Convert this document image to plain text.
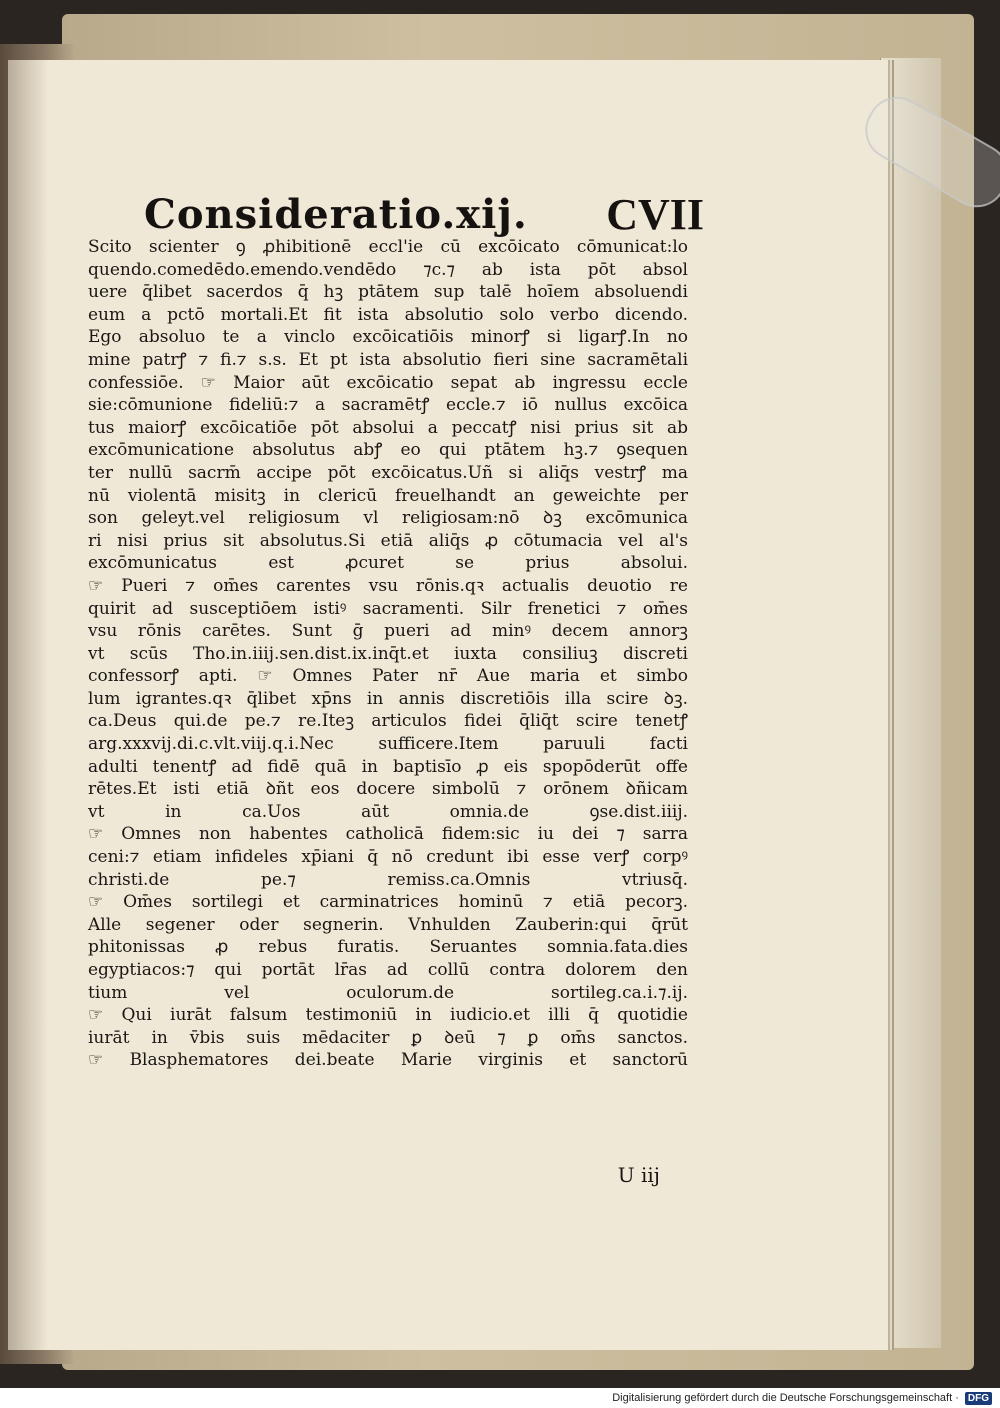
Consideratio.xij. CVII
Scito scienter ꝯ ꝓhibitionē eccl'ie cū excōicato cōmunicat:lo
quendo.comedēdo.emendo.vendēdo ⁊c.⁊ ab ista pōt absol
uere q̄libet sacerdos q̄ hꝫ ptātem sup talē hoīem absoluendi
eum a pctō mortali.Et fit ista absolutio solo verbo dicendo.
Ego absoluo te a vinclo excōicatiōis minorꝭ si ligarꝭ.In no
mine patrꝭ ⁊ fi.⁊ s.s. Et pt ista absolutio fieri sine sacramētali
confessiōe. ☞ Maior aūt excōicatio sepat ab ingressu eccle
sie:cōmunione fideliū:⁊ a sacramētꝭ eccle.⁊ iō nullus excōica
tus maiorꝭ excōicatiōe pōt absolui a peccatꝭ nisi prius sit ab
excōmunicatione absolutus abꝭ eo qui ptātem hꝫ.⁊ ꝯsequen
ter nullū sacrm̄ accipe pōt excōicatus.Uñ si aliq̄s vestrꝭ ma
nū violentā misitꝫ in clericū freuelhandt an geweichte per
son geleyt.vel religiosum vl religiosam:nō ꝺꝫ excōmunica
ri nisi prius sit absolutus.Si etiā aliq̄s ꝓ cōtumacia vel al's
excōmunicatus est ꝓcuret se prius absolui.
☞ Pueri ⁊ om̄es carentes vsu rōnis.qꝛ actualis deuotio re
quirit ad susceptiōem istiꝰ sacramenti. Silr frenetici ⁊ om̄es
vsu rōnis carētes. Sunt ḡ pueri ad minꝰ decem annorꝫ
vt scūs Tho.in.iiij.sen.dist.ix.inq̄t.et iuxta consiliuꝫ discreti
confessorꝭ apti. ☞ Omnes Pater nr̄ Aue maria et simbo
lum igrantes.qꝛ q̄libet xp̄ns in annis discretiōis illa scire ꝺꝫ.
ca.Deus qui.de pe.⁊ re.Iteꝫ articulos fidei q̄liq̄t scire tenetꝭ
arg.xxxvij.di.c.vlt.viij.q.i.Nec sufficere.Item paruuli facti
adulti tenentꝭ ad fidē quā in baptisīo ꝓ eis spopōderūt offe
rētes.Et isti etiā ꝺñt eos docere simbolū ⁊ orōnem ꝺñicam
vt in ca.Uos aūt omnia.de ꝯse.dist.iiij.
☞ Omnes non habentes catholicā fidem:sic iu dei ⁊ sarra
ceni:⁊ etiam infideles xp̄iani q̄ nō credunt ibi esse verꝭ corpꝰ
christi.de pe.⁊ remiss.ca.Omnis vtriusq̄.
☞ Om̄es sortilegi et carminatrices hominū ⁊ etiā pecorꝫ.
Alle segener oder segnerin. Vnhulden Zauberin:qui q̄rūt
phitonissas ꝓ rebus furatis. Seruantes somnia.fata.dies
egyptiacos:⁊ qui portāt lr̄as ad collū contra dolorem den
tium vel oculorum.de sortileg.ca.i.⁊.ij.
☞ Qui iurāt falsum testimoniū in iudicio.et illi q̄ quotidie
iurāt in v̄bis suis mēdaciter ꝑ ꝺeū ⁊ ꝑ om̄s sanctos.
☞ Blasphematores dei.beate Marie virginis et sanctorū
U iij
Digitalisierung gefördert durch die Deutsche Forschungsgemeinschaft · DFG
